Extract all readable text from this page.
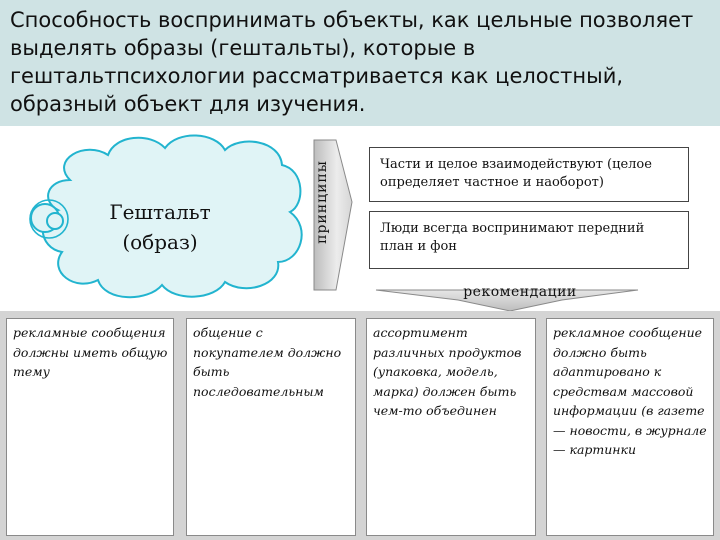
Способность воспринимать объекты, как цельные позволяет выделять образы (гештальты), которые в гештальтпсихологии рассматривается как целостный, образный объект для изучения.
Гештальт (образ)	принципы	Части и целое взаимодействуют (целое определяет частное и наоборот)
Люди всегда воспринимают передний план и фон
рекомендации
рекламные сообщения должны иметь общую тему
общение с покупателем должно быть последовательным
ассортимент различных продуктов (упаковка, модель, марка) должен быть чем-то объединен
рекламное сообщение должно быть адаптировано к средствам массовой информации (в газете — новости, в журнале — картинки
